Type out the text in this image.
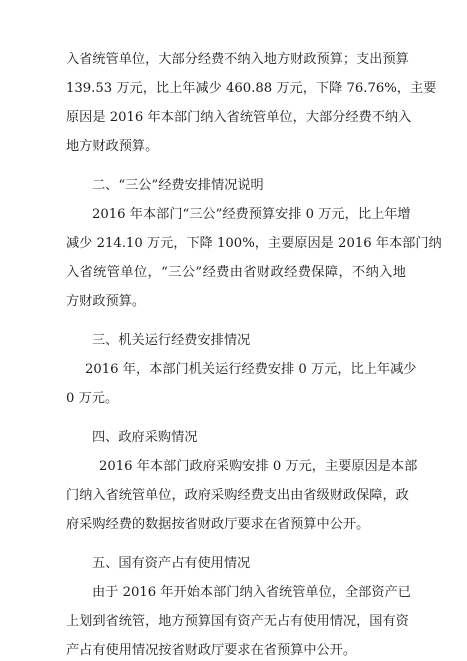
入省统管单位，大部分经费不纳入地方财政预算；支出预算
139.53 万元，比上年减少 460.88 万元，下降 76.76%，主要
原因是 2016 年本部门纳入省统管单位，大部分经费不纳入
地方财政预算。
二、“三公”经费安排情况说明
2016 年本部门“三公”经费预算安排 0 万元，比上年增
减少 214.10 万元，下降 100%，主要原因是 2016 年本部门纳
入省统管单位，“三公”经费由省财政经费保障，不纳入地
方财政预算。
三、机关运行经费安排情况
2016 年，本部门机关运行经费安排 0 万元，比上年减少
0 万元。
四、政府采购情况
2016 年本部门政府采购安排 0 万元，主要原因是本部
门纳入省统管单位，政府采购经费支出由省级财政保障，政
府采购经费的数据按省财政厅要求在省预算中公开。
五、国有资产占有使用情况
由于 2016 年开始本部门纳入省统管单位，全部资产已
上划到省统管，地方预算国有资产无占有使用情况，国有资
产占有使用情况按省财政厅要求在省预算中公开。
